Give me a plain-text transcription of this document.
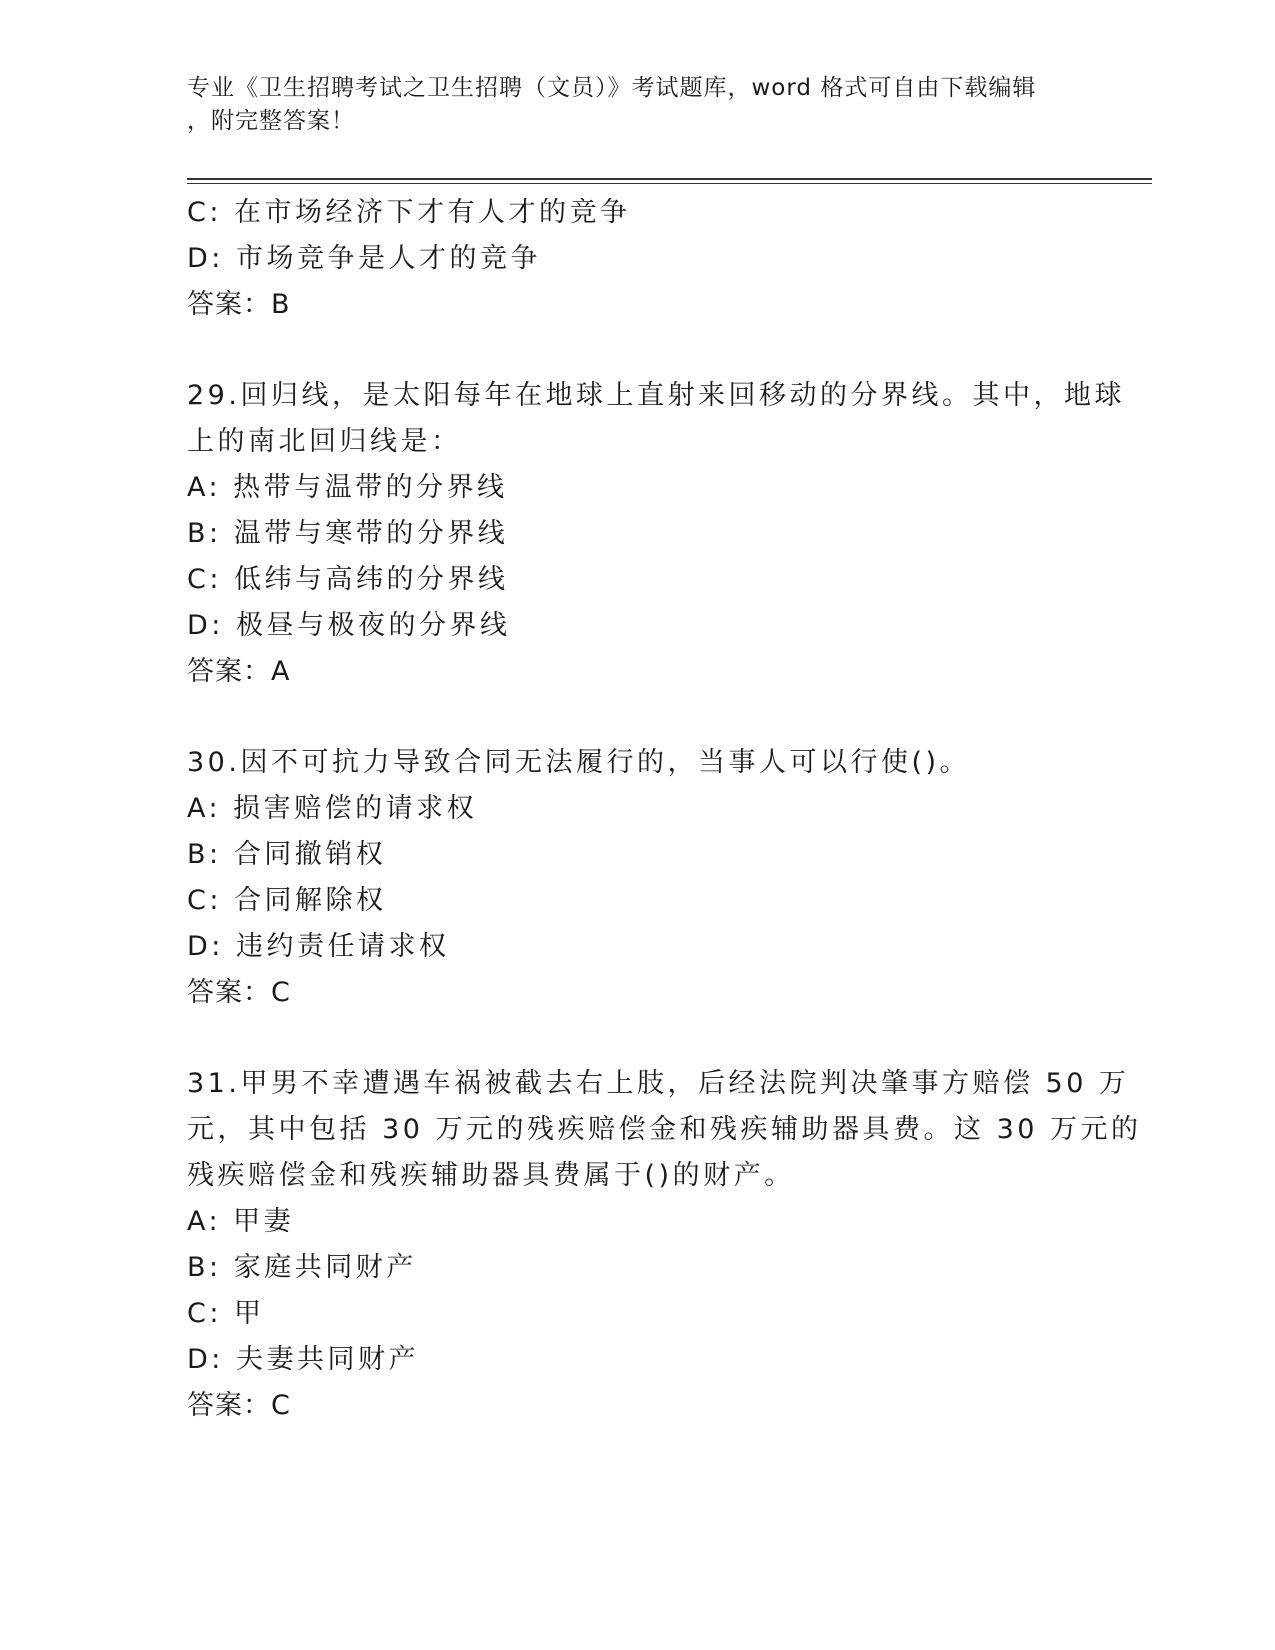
专业《卫生招聘考试之卫生招聘（文员）》考试题库，word 格式可自由下载编辑
，附完整答案！
C: 在市场经济下才有人才的竞争
D: 市场竞争是人才的竞争
答案：B
29.回归线，是太阳每年在地球上直射来回移动的分界线。其中，地球
上的南北回归线是：
A: 热带与温带的分界线
B: 温带与寒带的分界线
C: 低纬与高纬的分界线
D: 极昼与极夜的分界线
答案：A
30.因不可抗力导致合同无法履行的，当事人可以行使()。
A: 损害赔偿的请求权
B: 合同撤销权
C: 合同解除权
D: 违约责任请求权
答案：C
31.甲男不幸遭遇车祸被截去右上肢，后经法院判决肇事方赔偿 50 万
元，其中包括 30 万元的残疾赔偿金和残疾辅助器具费。这 30 万元的
残疾赔偿金和残疾辅助器具费属于()的财产。
A: 甲妻
B: 家庭共同财产
C: 甲
D: 夫妻共同财产
答案：C
